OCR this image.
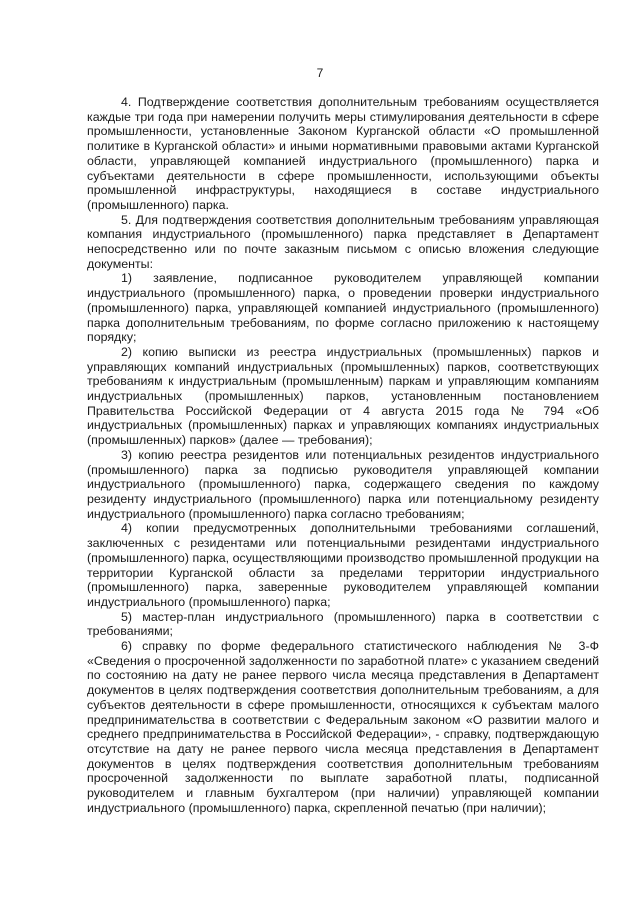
7

4. Подтверждение соответствия дополнительным требованиям осуществляется каждые три года при намерении получить меры стимулирования деятельности в сфере промышленности, установленные Законом Курганской области «О промышленной политике в Курганской области» и иными нормативными правовыми актами Курганской области, управляющей компанией индустриального (промышленного) парка и субъектами деятельности в сфере промышленности, использующими объекты промышленной инфраструктуры, находящиеся в составе индустриального (промышленного) парка.

5. Для подтверждения соответствия дополнительным требованиям управляющая компания индустриального (промышленного) парка представляет в Департамент непосредственно или по почте заказным письмом с описью вложения следующие документы:

1) заявление, подписанное руководителем управляющей компании индустриального (промышленного) парка, о проведении проверки индустриального (промышленного) парка, управляющей компанией индустриального (промышленного) парка дополнительным требованиям, по форме согласно приложению к настоящему порядку;

2) копию выписки из реестра индустриальных (промышленных) парков и управляющих компаний индустриальных (промышленных) парков, соответствующих требованиям к индустриальным (промышленным) паркам и управляющим компаниям индустриальных (промышленных) парков, установленным постановлением Правительства Российской Федерации от 4 августа 2015 года № 794 «Об индустриальных (промышленных) парках и управляющих компаниях индустриальных (промышленных) парков» (далее — требования);

3) копию реестра резидентов или потенциальных резидентов индустриального (промышленного) парка за подписью руководителя управляющей компании индустриального (промышленного) парка, содержащего сведения по каждому резиденту индустриального (промышленного) парка или потенциальному резиденту индустриального (промышленного) парка согласно требованиям;

4) копии предусмотренных дополнительными требованиями соглашений, заключенных с резидентами или потенциальными резидентами индустриального (промышленного) парка, осуществляющими производство промышленной продукции на территории Курганской области за пределами территории индустриального (промышленного) парка, заверенные руководителем управляющей компании индустриального (промышленного) парка;

5) мастер-план индустриального (промышленного) парка в соответствии с требованиями;

6) справку по форме федерального статистического наблюдения № 3-Ф «Сведения о просроченной задолженности по заработной плате» с указанием сведений по состоянию на дату не ранее первого числа месяца представления в Департамент документов в целях подтверждения соответствия дополнительным требованиям, а для субъектов деятельности в сфере промышленности, относящихся к субъектам малого предпринимательства в соответствии с Федеральным законом «О развитии малого и среднего предпринимательства в Российской Федерации», - справку, подтверждающую отсутствие на дату не ранее первого числа месяца представления в Департамент документов в целях подтверждения соответствия дополнительным требованиям просроченной задолженности по выплате заработной платы, подписанной руководителем и главным бухгалтером (при наличии) управляющей компании индустриального (промышленного) парка, скрепленной печатью (при наличии);
